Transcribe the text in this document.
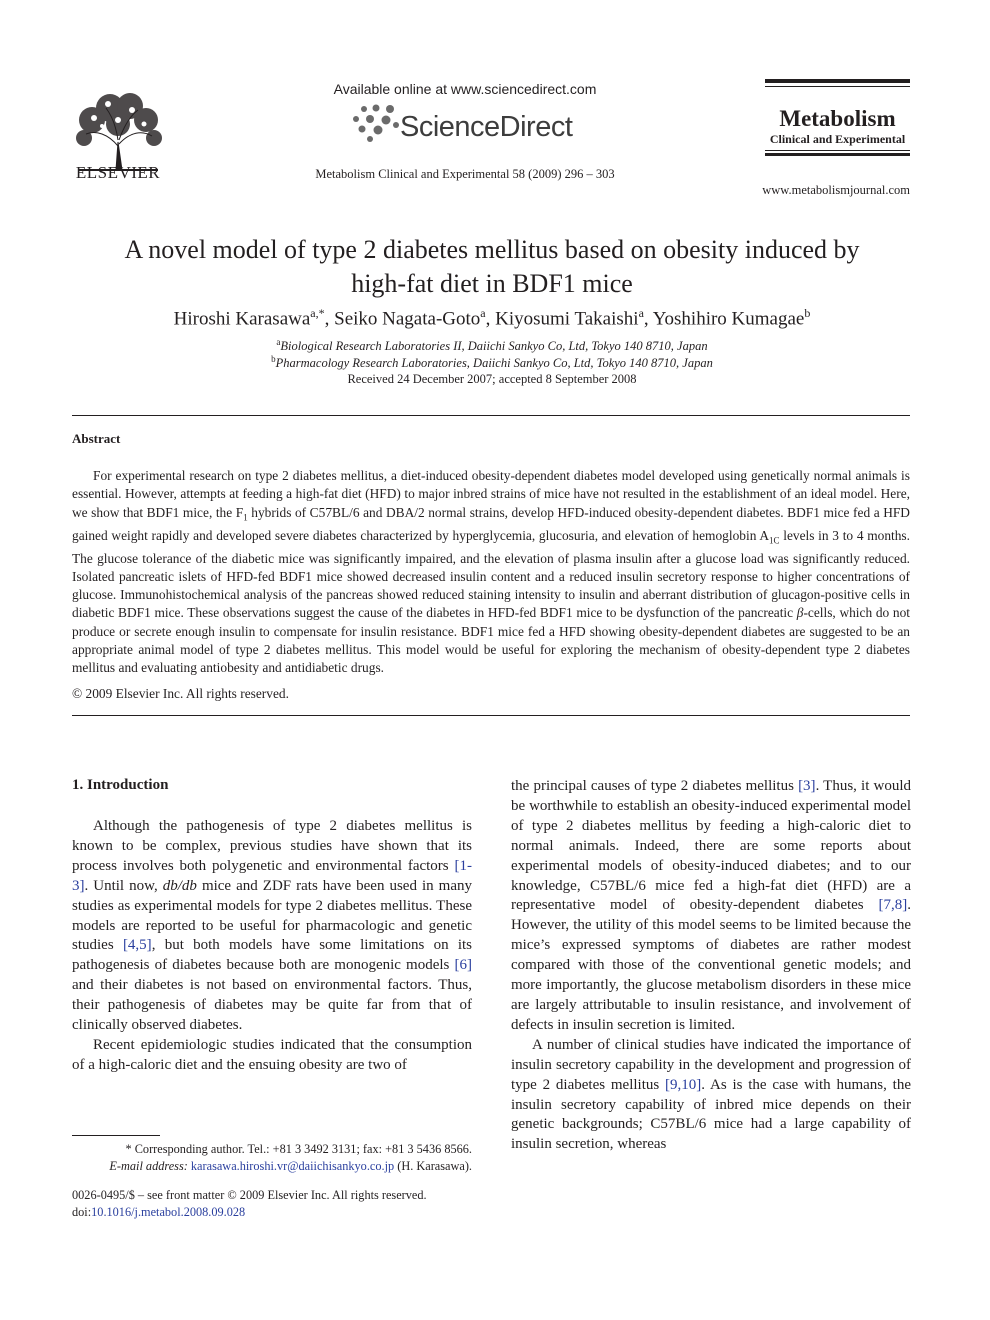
ELSEVIER
Available online at www.sciencedirect.com
ScienceDirect
Metabolism Clinical and Experimental 58 (2009) 296 – 303
Metabolism
Clinical and Experimental
www.metabolismjournal.com
A novel model of type 2 diabetes mellitus based on obesity induced by
high-fat diet in BDF1 mice
Hiroshi Karasawa$^{a,*}$, Seiko Nagata-Goto$^a$, Kiyosumi Takaishi$^a$, Yoshihiro Kumagae$^b$
$^a$Biological Research Laboratories II, Daiichi Sankyo Co, Ltd, Tokyo 140 8710, Japan
$^b$Pharmacology Research Laboratories, Daiichi Sankyo Co, Ltd, Tokyo 140 8710, Japan
Received 24 December 2007; accepted 8 September 2008
Abstract

For experimental research on type 2 diabetes mellitus, a diet-induced obesity-dependent diabetes model developed using genetically normal animals is essential. However, attempts at feeding a high-fat diet (HFD) to major inbred strains of mice have not resulted in the establishment of an ideal model. Here, we show that BDF1 mice, the $F_1$ hybrids of C57BL/6 and DBA/2 normal strains, develop HFD-induced obesity-dependent diabetes. BDF1 mice fed a HFD gained weight rapidly and developed severe diabetes characterized by hyperglycemia, glucosuria, and elevation of hemoglobin $A_{1C}$ levels in 3 to 4 months. The glucose tolerance of the diabetic mice was significantly impaired, and the elevation of plasma insulin after a glucose load was significantly reduced. Isolated pancreatic islets of HFD-fed BDF1 mice showed decreased insulin content and a reduced insulin secretory response to higher concentrations of glucose. Immunohistochemical analysis of the pancreas showed reduced staining intensity to insulin and aberrant distribution of glucagon-positive cells in diabetic BDF1 mice. These observations suggest the cause of the diabetes in HFD-fed BDF1 mice to be dysfunction of the pancreatic β-cells, which do not produce or secrete enough insulin to compensate for insulin resistance. BDF1 mice fed a HFD showing obesity-dependent diabetes are suggested to be an appropriate animal model of type 2 diabetes mellitus. This model would be useful for exploring the mechanism of obesity-dependent type 2 diabetes mellitus and evaluating antiobesity and antidiabetic drugs.

© 2009 Elsevier Inc. All rights reserved.
1. Introduction

Although the pathogenesis of type 2 diabetes mellitus is known to be complex, previous studies have shown that its process involves both polygenetic and environmental factors [1-3]. Until now, db/db mice and ZDF rats have been used in many studies as experimental models for type 2 diabetes mellitus. These models are reported to be useful for pharmacologic and genetic studies [4,5], but both models have some limitations on its pathogenesis of diabetes because both are monogenic models [6] and their diabetes is not based on environmental factors. Thus, their pathogenesis of diabetes may be quite far from that of clinically observed diabetes.

Recent epidemiologic studies indicated that the consumption of a high-caloric diet and the ensuing obesity are two of

the principal causes of type 2 diabetes mellitus [3]. Thus, it would be worthwhile to establish an obesity-induced experimental model of type 2 diabetes mellitus by feeding a high-caloric diet to normal animals. Indeed, there are some reports about experimental models of obesity-induced diabetes; and to our knowledge, C57BL/6 mice fed a high-fat diet (HFD) are a representative model of obesity-dependent diabetes [7,8]. However, the utility of this model seems to be limited because the mice’s expressed symptoms of diabetes are rather modest compared with those of the conventional genetic models; and more importantly, the glucose metabolism disorders in these mice are largely attributable to insulin resistance, and involvement of defects in insulin secretion is limited.

A number of clinical studies have indicated the importance of insulin secretory capability in the development and progression of type 2 diabetes mellitus [9,10]. As is the case with humans, the insulin secretory capability of inbred mice depends on their genetic backgrounds; C57BL/6 mice had a large capability of insulin secretion, whereas

* Corresponding author. Tel.: +81 3 3492 3131; fax: +81 3 5436 8566.
E-mail address: karasawa.hiroshi.vr@daiichisankyo.co.jp (H. Karasawa).
0026-0495/$ – see front matter © 2009 Elsevier Inc. All rights reserved.
doi:10.1016/j.metabol.2008.09.028
